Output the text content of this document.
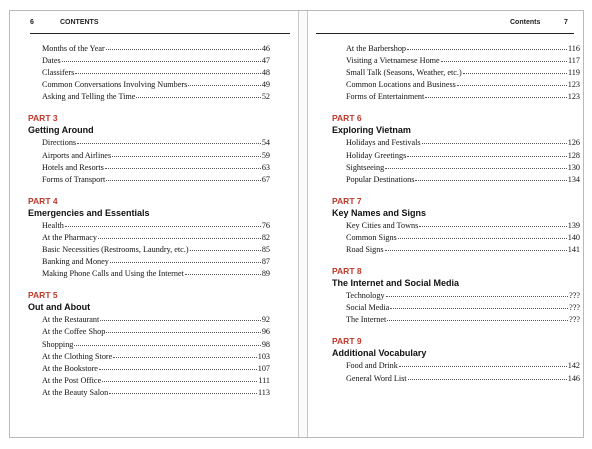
6	CONTENTS
Months of the Year	46
Dates	47
Classifers	48
Common Conversations Involving Numbers	49
Asking and Telling the Time	52
PART 3
Getting Around
Directions	54
Airports and Airlines	59
Hotels and Resorts	63
Forms of Transport	67
PART 4
Emergencies and Essentials
Health	76
At the Pharmacy	82
Basic Necessities (Restrooms, Laundry, etc.)	85
Banking and Money	87
Making Phone Calls and Using the Internet	89
PART 5
Out and About
At the Restaurant	92
At the Coffee Shop	96
Shopping	98
At the Clothing Store	103
At the Bookstore	107
At the Post Office	111
At the Beauty Salon	113
Contents	7
At the Barbershop	116
Visiting a Vietnamese Home	117
Small Talk (Seasons, Weather, etc.)	119
Common Locations and Business	123
Forms of Entertainment	123
PART 6
Exploring Vietnam
Holidays and Festivals	126
Holiday Greetings	128
Sightseeing	130
Popular Destinations	134
PART 7
Key Names and Signs
Key Cities and Towns	139
Common Signs	140
Road Signs	141
PART 8
The Internet and Social Media
Technology	???
Social Media	???
The Internet	???
PART 9
Additional Vocabulary
Food and Drink	142
General Word List	146
